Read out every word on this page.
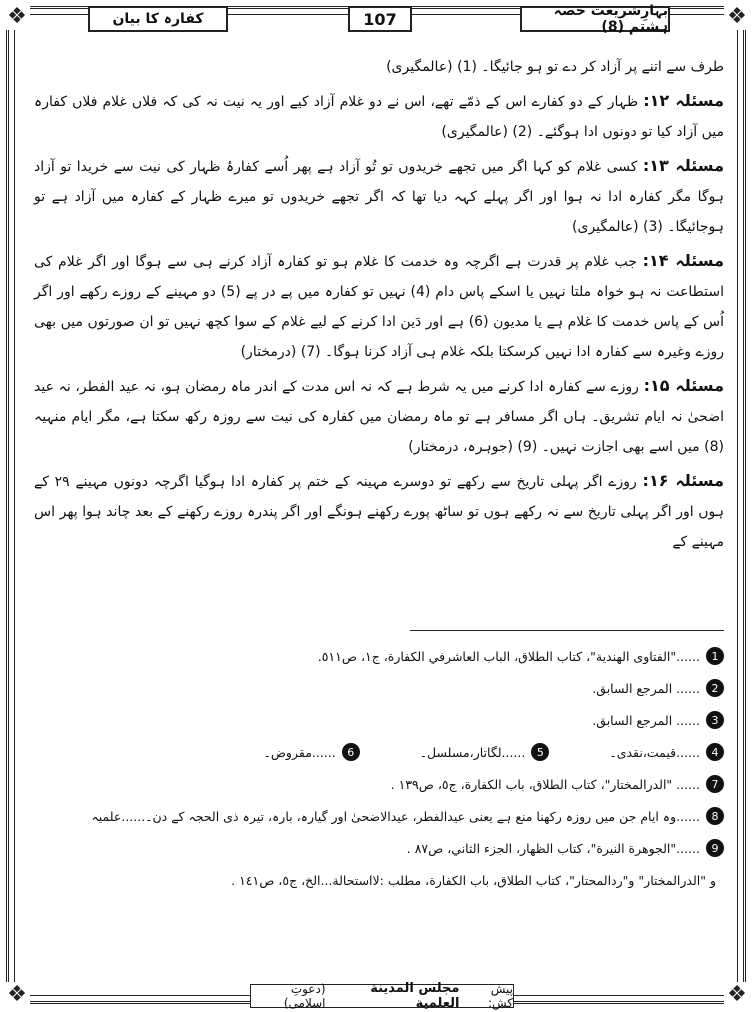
❖	❖
❖	❖
بہارِشریعت حصہ ہشتم (8)
107
کفارہ کا بیان

طرف سے اتنے پر آزاد کر دے تو ہو جائیگا۔ (1) (عالمگیری)

مسئلہ ۱۲: ظہار کے دو کفارے اس کے ذمّے تھے، اس نے دو غلام آزاد کیے اور یہ نیت نہ کی کہ فلاں غلام فلاں کفارہ میں آزاد کیا تو دونوں ادا ہوگئے۔ (2) (عالمگیری)

مسئلہ ۱۳: کسی غلام کو کہا اگر میں تجھے خریدوں تو تُو آزاد ہے پھر اُسے کفارۂ ظہار کی نیت سے خریدا تو آزاد ہوگا مگر کفارہ ادا نہ ہوا اور اگر پہلے کہہ دیا تھا کہ اگر تجھے خریدوں تو میرے ظہار کے کفارہ میں آزاد ہے تو ہوجائیگا۔ (3) (عالمگیری)

مسئلہ ۱۴: جب غلام پر قدرت ہے اگرچہ وہ خدمت کا غلام ہو تو کفارہ آزاد کرنے ہی سے ہوگا اور اگر غلام کی استطاعت نہ ہو خواہ ملتا نہیں یا اسکے پاس دام (4) نہیں تو کفارہ میں پے در پے (5) دو مہینے کے روزے رکھے اور اگر اُس کے پاس خدمت کا غلام ہے یا مدیون (6) ہے اور دَین ادا کرنے کے لیے غلام کے سوا کچھ نہیں تو ان صورتوں میں بھی روزے وغیرہ سے کفارہ ادا نہیں کرسکتا بلکہ غلام ہی آزاد کرنا ہوگا۔ (7) (درمختار)

مسئلہ ۱۵: روزے سے کفارہ ادا کرنے میں یہ شرط ہے کہ نہ اس مدت کے اندر ماہ رمضان ہو، نہ عید الفطر، نہ عید اضحیٰ نہ ایام تشریق۔ ہاں اگر مسافر ہے تو ماہ رمضان میں کفارہ کی نیت سے روزہ رکھ سکتا ہے، مگر ایام منہیہ (8) میں اسے بھی اجازت نہیں۔ (9) (جوہرہ، درمختار)

مسئلہ ۱۶: روزے اگر پہلی تاریخ سے رکھے تو دوسرے مہینہ کے ختم پر کفارہ ادا ہوگیا اگرچہ دونوں مہینے ۲۹ کے ہوں اور اگر پہلی تاریخ سے نہ رکھے ہوں تو ساٹھ پورے رکھنے ہونگے اور اگر پندرہ روزے رکھنے کے بعد چاند ہوا پھر اس مہینے کے

1
......"الفتاوى الهندية"، كتاب الطلاق، الباب العاشرفي الكفارة، ج١، ص٥١١.
2
...... المرجع السابق.
3
...... المرجع السابق.
4
......قیمت،نقدی۔
5
......لگاتار،مسلسل۔
6
......مقروض۔
7
...... "الدرالمختار"، كتاب الطلاق، باب الكفارة، ج٥، ص١٣٩ .
8
......وہ ایام جن میں روزہ رکھنا منع ہے یعنی عیدالفطر، عیدالاضحیٰ اور گیارہ، بارہ، تیرہ ذی الحجہ کے دن۔......علمیہ
9
......"الجوهرة النيرة"، كتاب الظهار، الجزء الثاني، ص٨٧ .
و "الدرالمختار" و"ردالمحتار"، كتاب الطلاق، باب الكفارة، مطلب :لااستحالة...الخ، ج٥، ص١٤١ .
پیش کش:
مجلس المدينة العلمية
(دعوتِ اسلامی)
